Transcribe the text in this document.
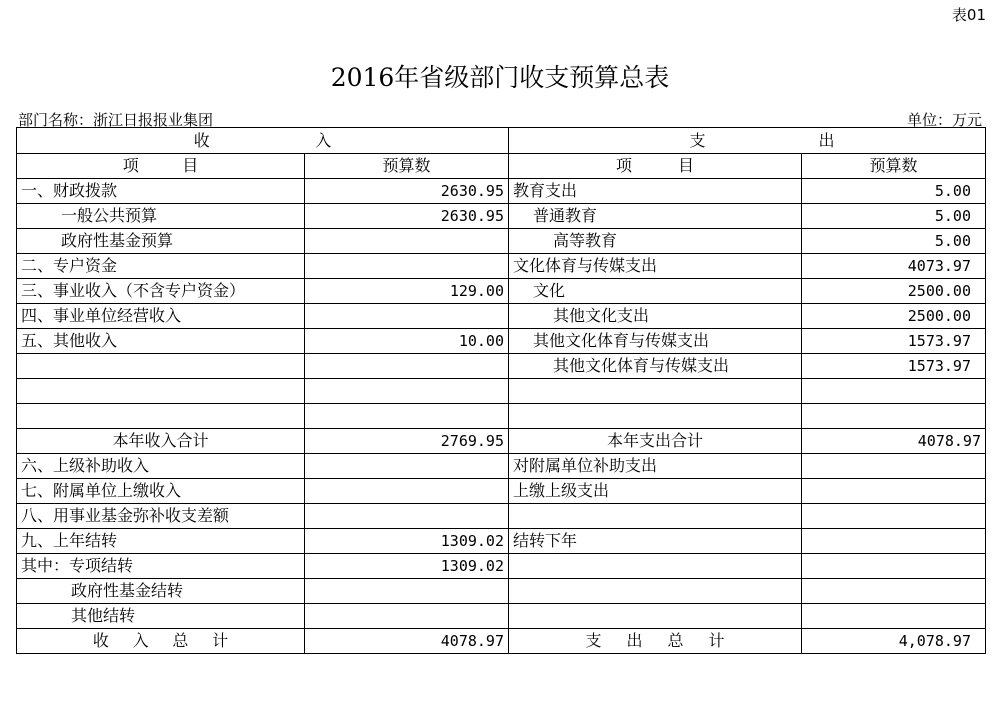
表01
2016年省级部门收支预算总表
部门名称：浙江日报报业集团	单位：万元
收 入		支 出	

项 目	预算数	项 目	预算数
一、财政拨款	2630.95	教育支出	5.00
一般公共预算	2630.95	普通教育	5.00
政府性基金预算		高等教育	5.00
二、专户资金		文化体育与传媒支出	4073.97
三、事业收入（不含专户资金）	129.00	文化	2500.00
四、事业单位经营收入		其他文化支出	2500.00
五、其他收入	10.00	其他文化体育与传媒支出	1573.97
		其他文化体育与传媒支出	1573.97

本年收入合计	2769.95	本年支出合计	4078.97
六、上级补助收入		对附属单位补助支出	
七、附属单位上缴收入		上缴上级支出	
八、用事业基金弥补收支差额			
九、上年结转	1309.02	结转下年	
其中：专项结转	1309.02		
政府性基金结转			
其他结转			

收 入 总 计	4078.97	支 出 总 计	4,078.97
